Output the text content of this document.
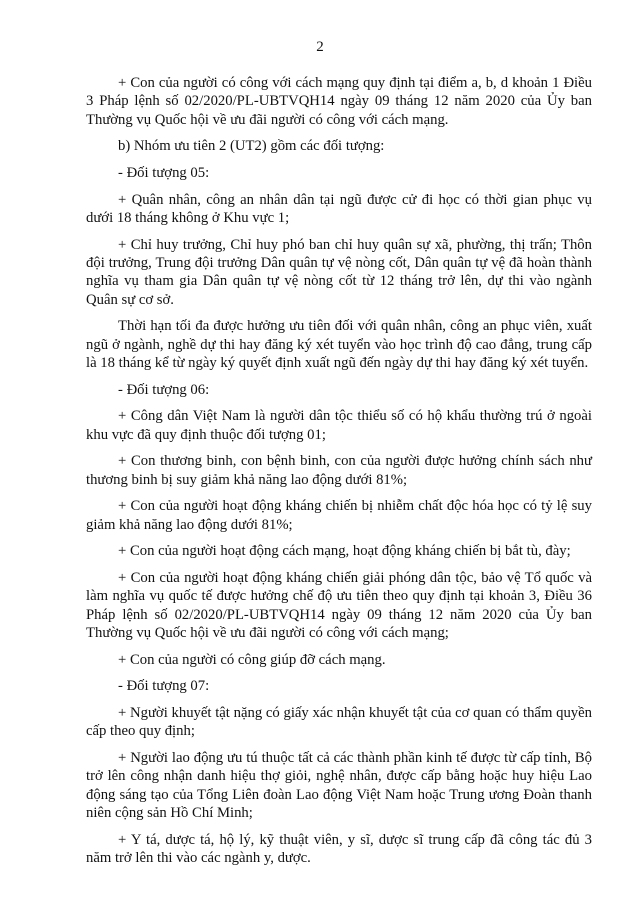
2

+ Con của người có công với cách mạng quy định tại điểm a, b, d khoản 1 Điều 3 Pháp lệnh số 02/2020/PL-UBTVQH14 ngày 09 tháng 12 năm 2020 của Ủy ban Thường vụ Quốc hội về ưu đãi người có công với cách mạng.

b) Nhóm ưu tiên 2 (UT2) gồm các đối tượng:

- Đối tượng 05:

+ Quân nhân, công an nhân dân tại ngũ được cử đi học có thời gian phục vụ dưới 18 tháng không ở Khu vực 1;

+ Chỉ huy trưởng, Chỉ huy phó ban chỉ huy quân sự xã, phường, thị trấn; Thôn đội trưởng, Trung đội trưởng Dân quân tự vệ nòng cốt, Dân quân tự vệ đã hoàn thành nghĩa vụ tham gia Dân quân tự vệ nòng cốt từ 12 tháng trở lên, dự thi vào ngành Quân sự cơ sở.

Thời hạn tối đa được hưởng ưu tiên đối với quân nhân, công an phục viên, xuất ngũ ở ngành, nghề dự thi hay đăng ký xét tuyển vào học trình độ cao đẳng, trung cấp là 18 tháng kể từ ngày ký quyết định xuất ngũ đến ngày dự thi hay đăng ký xét tuyển.

- Đối tượng 06:

+ Công dân Việt Nam là người dân tộc thiểu số có hộ khẩu thường trú ở ngoài khu vực đã quy định thuộc đối tượng 01;

+ Con thương binh, con bệnh binh, con của người được hưởng chính sách như thương binh bị suy giảm khả năng lao động dưới 81%;

+ Con của người hoạt động kháng chiến bị nhiễm chất độc hóa học có tỷ lệ suy giảm khả năng lao động dưới 81%;

+ Con của người hoạt động cách mạng, hoạt động kháng chiến bị bắt tù, đày;

+ Con của người hoạt động kháng chiến giải phóng dân tộc, bảo vệ Tổ quốc và làm nghĩa vụ quốc tế được hưởng chế độ ưu tiên theo quy định tại khoản 3, Điều 36 Pháp lệnh số 02/2020/PL-UBTVQH14 ngày 09 tháng 12 năm 2020 của Ủy ban Thường vụ Quốc hội về ưu đãi người có công với cách mạng;

+ Con của người có công giúp đỡ cách mạng.

- Đối tượng 07:

+ Người khuyết tật nặng có giấy xác nhận khuyết tật của cơ quan có thẩm quyền cấp theo quy định;

+ Người lao động ưu tú thuộc tất cả các thành phần kinh tế được từ cấp tỉnh, Bộ trở lên công nhận danh hiệu thợ giỏi, nghệ nhân, được cấp bằng hoặc huy hiệu Lao động sáng tạo của Tổng Liên đoàn Lao động Việt Nam hoặc Trung ương Đoàn thanh niên cộng sản Hồ Chí Minh;

+ Y tá, dược tá, hộ lý, kỹ thuật viên, y sĩ, dược sĩ trung cấp đã công tác đủ 3 năm trở lên thi vào các ngành y, dược.
